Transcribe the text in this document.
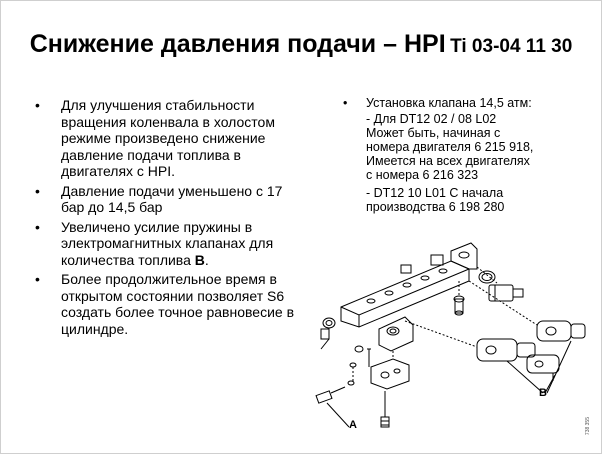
Снижение давления подачи – HPI Ti 03-04 11 30
• Для улучшения стабильности вращения коленвала в холостом режиме произведено снижение давление подачи топлива в двигателях с HPI.
• Давление подачи уменьшено с 17 бар до 14,5 бар
• Увеличено усилие пружины в электромагнитных клапанах для количества топлива B.
• Более продолжительное время в открытом состоянии позволяет S6 создать более точное равновесие в цилиндре.
• Установка клапана 14,5 атм:
- Для DT12 02 / 08 L02
Может быть, начиная с
номера двигателя 6 215 918,
Имеется на всех двигателях
с номера 6 216 323
- DT12 10 L01 С начала
производства 6 198 280
A
B
738 355
